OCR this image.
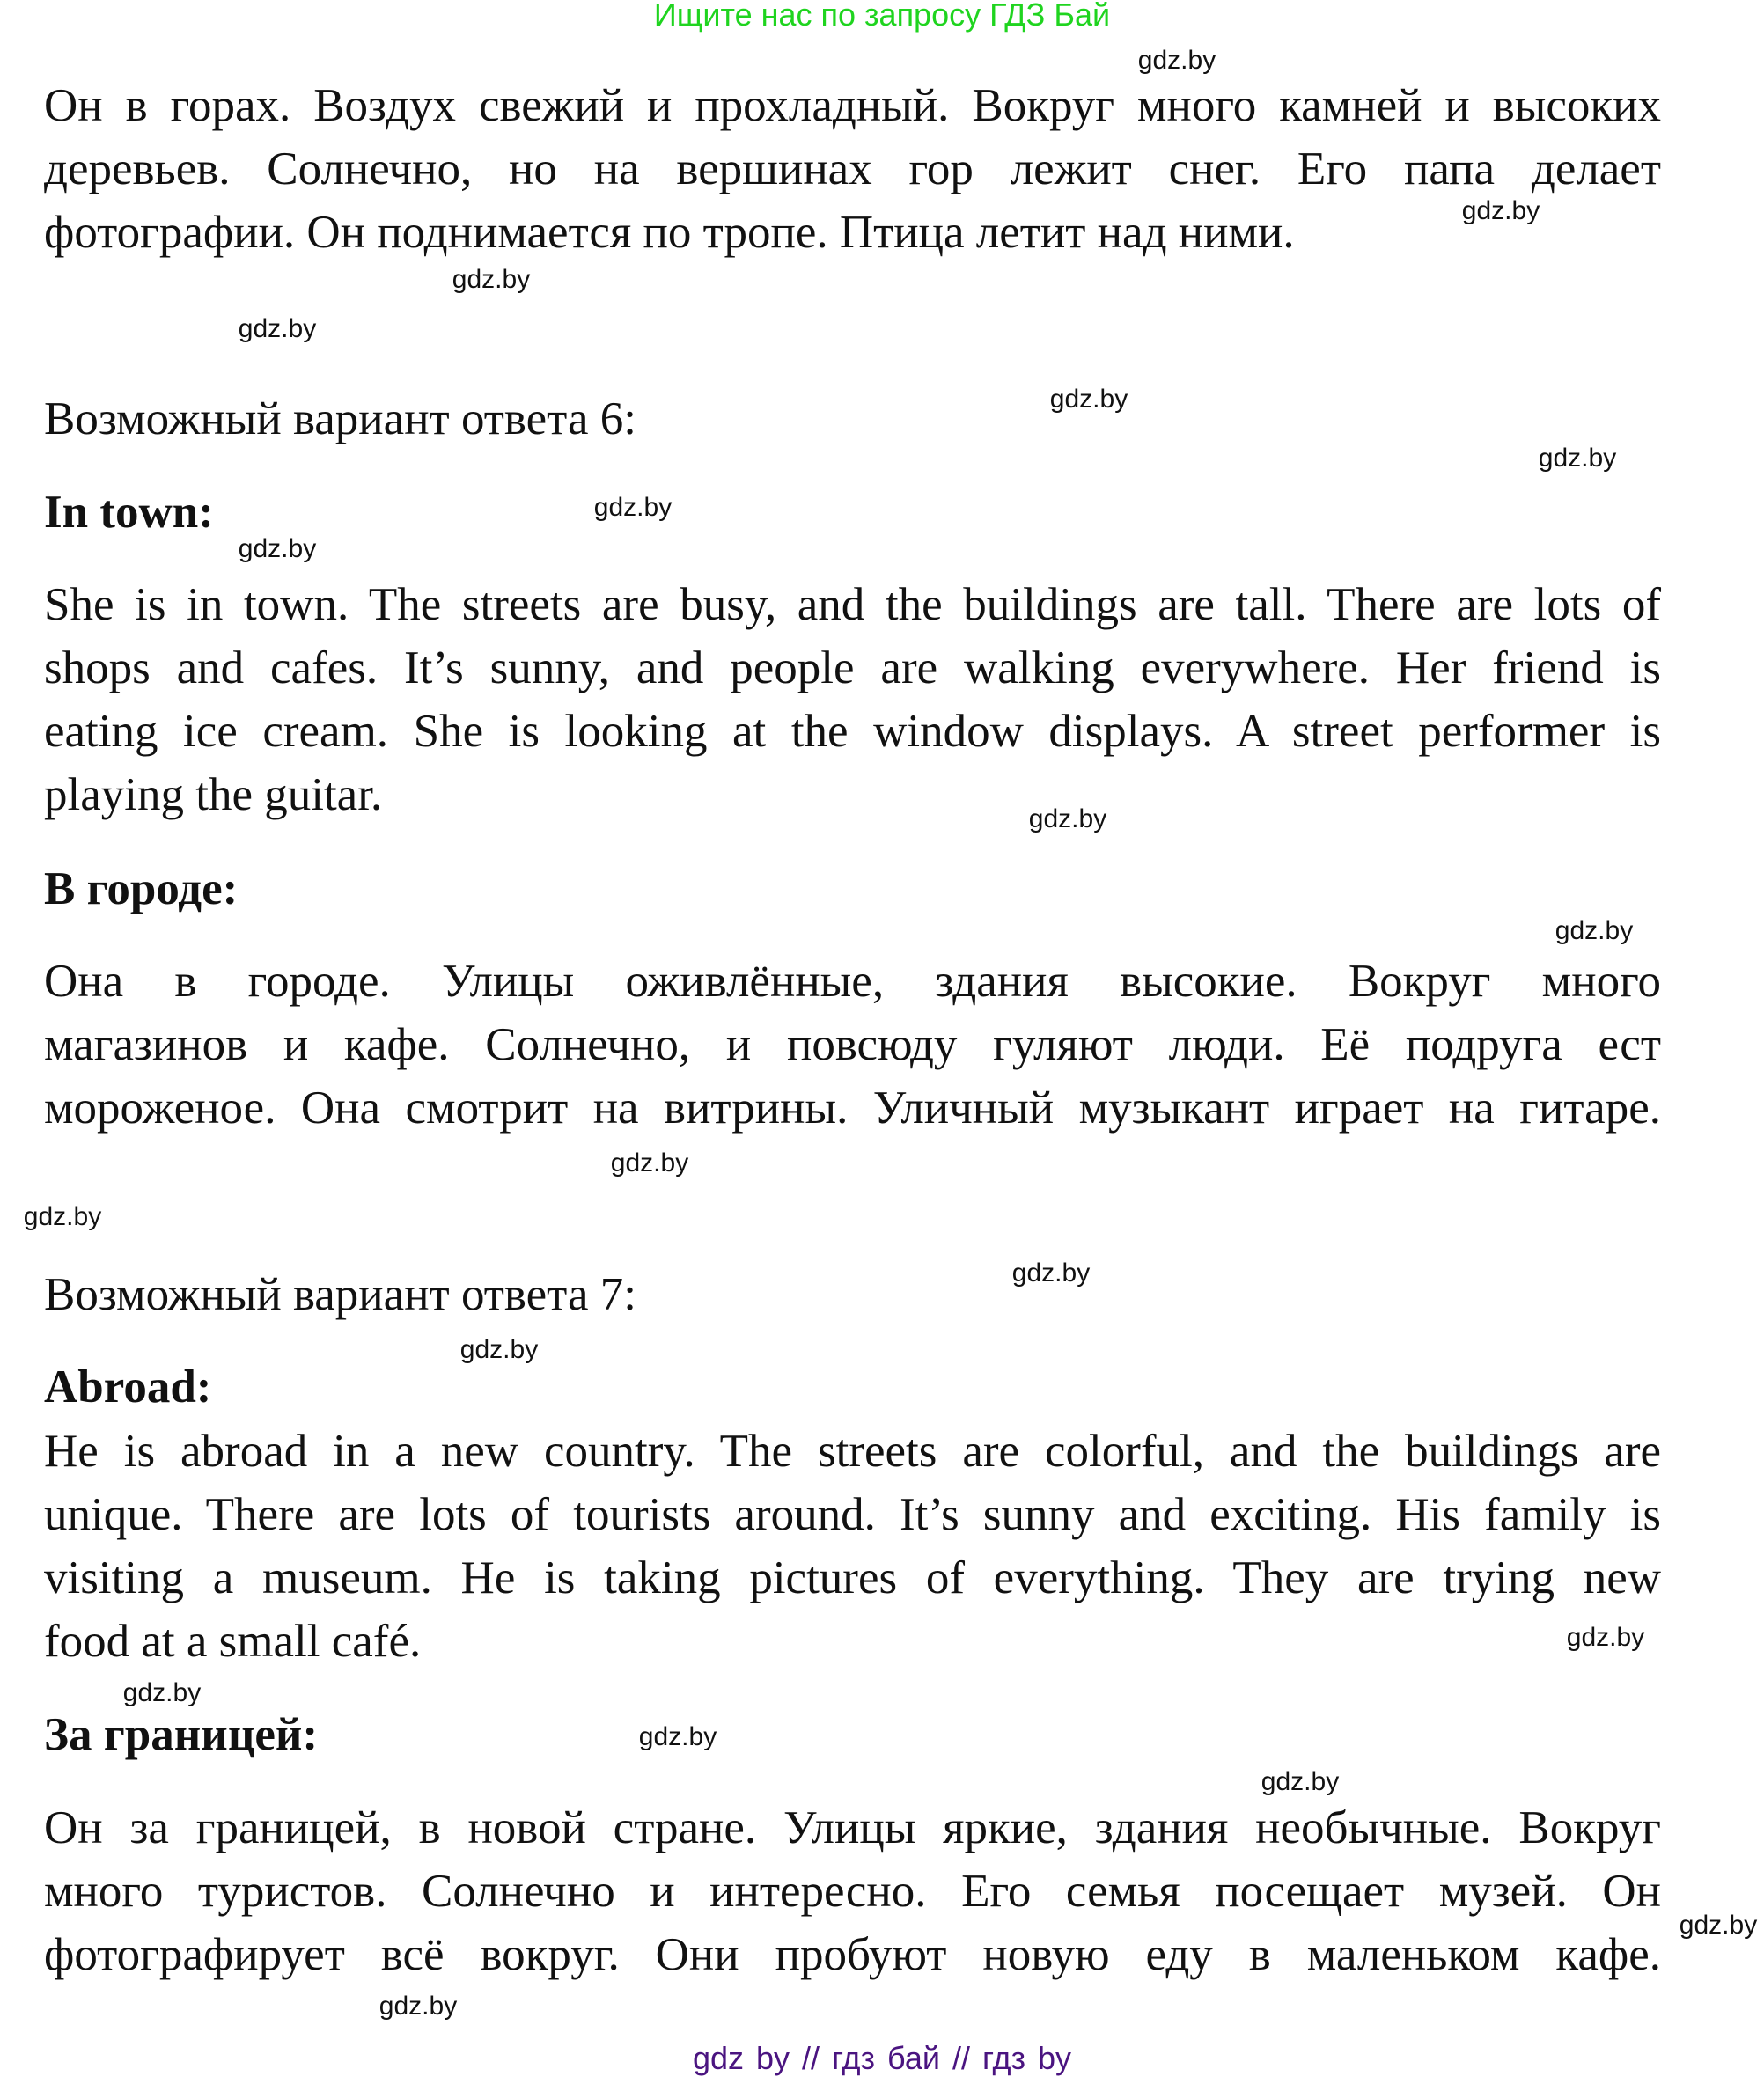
Ищите нас по запросу ГДЗ Бай
Он в горах. Воздух свежий и прохладный. Вокруг много камней и высоких
деревьев. Солнечно, но на вершинах гор лежит снег. Его папа делает
фотографии. Он поднимается по тропе. Птица летит над ними.
Возможный вариант ответа 6:
In town:
She is in town. The streets are busy, and the buildings are tall. There are lots of
shops and cafes. It’s sunny, and people are walking everywhere. Her friend is
eating ice cream. She is looking at the window displays. A street performer is
playing the guitar.
В городе:
Она в городе. Улицы оживлённые, здания высокие. Вокруг много
магазинов и кафе. Солнечно, и повсюду гуляют люди. Её подруга ест
мороженое. Она смотрит на витрины. Уличный музыкант играет на гитаре.
Возможный вариант ответа 7:
Abroad:
He is abroad in a new country. The streets are colorful, and the buildings are
unique. There are lots of tourists around. It’s sunny and exciting. His family is
visiting a museum. He is taking pictures of everything. They are trying new
food at a small café.
За границей:
Он за границей, в новой стране. Улицы яркие, здания необычные. Вокруг
много туристов. Солнечно и интересно. Его семья посещает музей. Он
фотографирует всё вокруг. Они пробуют новую еду в маленьком кафе.
gdz.by
gdz.by
gdz.by
gdz.by
gdz.by
gdz.by
gdz.by
gdz.by
gdz.by
gdz.by
gdz.by
gdz.by
gdz.by
gdz.by
gdz.by
gdz.by
gdz.by
gdz.by
gdz.by
gdz.by
gdz by // гдз бай // гдз by
